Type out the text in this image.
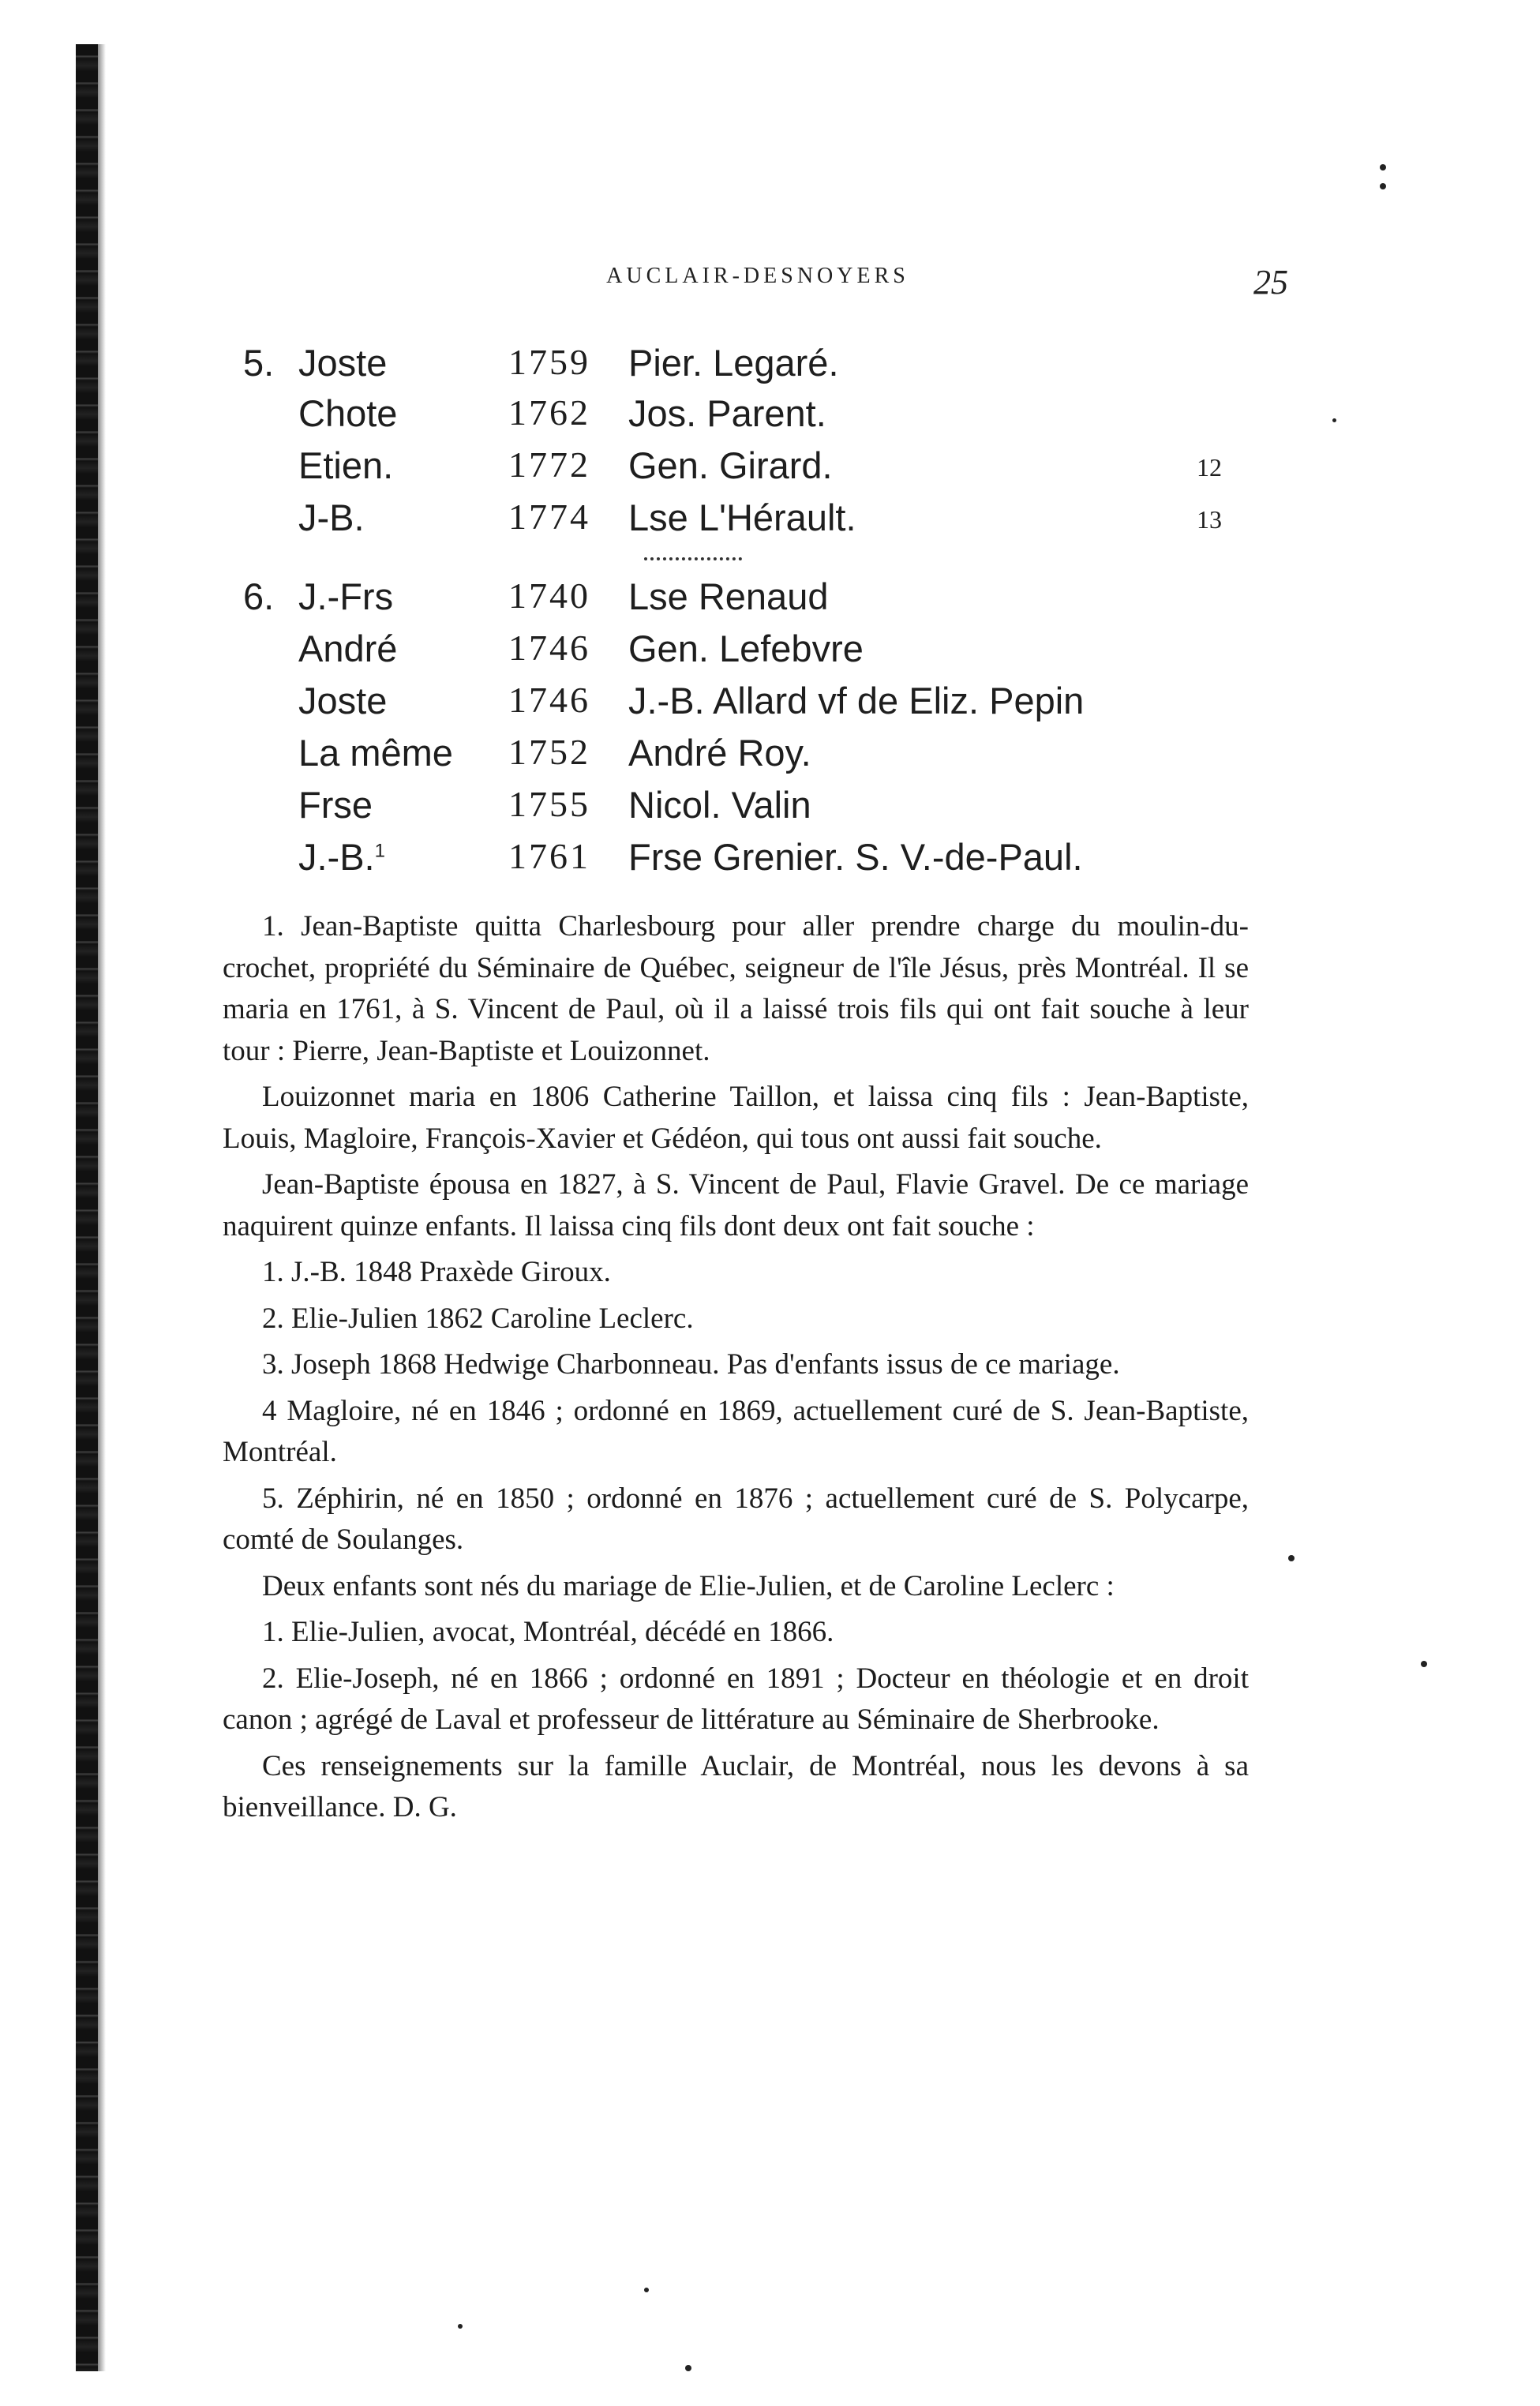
AUCLAIR-DESNOYERS	25
5. Joste	1759 Pier. Legaré.
Chote	1762 Jos. Parent.
Etien.	1772 Gen. Girard.	12
J-B.	1774 Lse L'Hérault.	13
6. J.-Frs	1740 Lse Renaud
André	1746 Gen. Lefebvre
Joste	1746 J.-B. Allard vf de Eliz. Pepin
La même 1752 André Roy.
Frse	1755 Nicol. Valin
J.-B.$^1$	1761 Frse Grenier. S. V.-de-Paul.

1. Jean-Baptiste quitta Charlesbourg pour aller prendre charge du moulin-du-crochet, propriété du Séminaire de Québec, seigneur de l'île Jésus, près Montréal. Il se maria en 1761, à S. Vincent de Paul, où il a laissé trois fils qui ont fait souche à leur tour : Pierre, Jean-Baptiste et Louizonnet.

Louizonnet maria en 1806 Catherine Taillon, et laissa cinq fils : Jean-Baptiste, Louis, Magloire, François-Xavier et Gédéon, qui tous ont aussi fait souche.

Jean-Baptiste épousa en 1827, à S. Vincent de Paul, Flavie Gravel. De ce mariage naquirent quinze enfants. Il laissa cinq fils dont deux ont fait souche :

1. J.-B. 1848 Praxède Giroux.

2. Elie-Julien 1862 Caroline Leclerc.

3. Joseph 1868 Hedwige Charbonneau. Pas d'enfants issus de ce mariage.

4 Magloire, né en 1846 ; ordonné en 1869, actuellement curé de S. Jean-Baptiste, Montréal.

5. Zéphirin, né en 1850 ; ordonné en 1876 ; actuellement curé de S. Polycarpe, comté de Soulanges.

Deux enfants sont nés du mariage de Elie-Julien, et de Caroline Leclerc :

1. Elie-Julien, avocat, Montréal, décédé en 1866.

2. Elie-Joseph, né en 1866 ; ordonné en 1891 ; Docteur en théologie et en droit canon ; agrégé de Laval et professeur de littérature au Séminaire de Sherbrooke.

Ces renseignements sur la famille Auclair, de Montréal, nous les devons à sa bienveillance. D. G.
